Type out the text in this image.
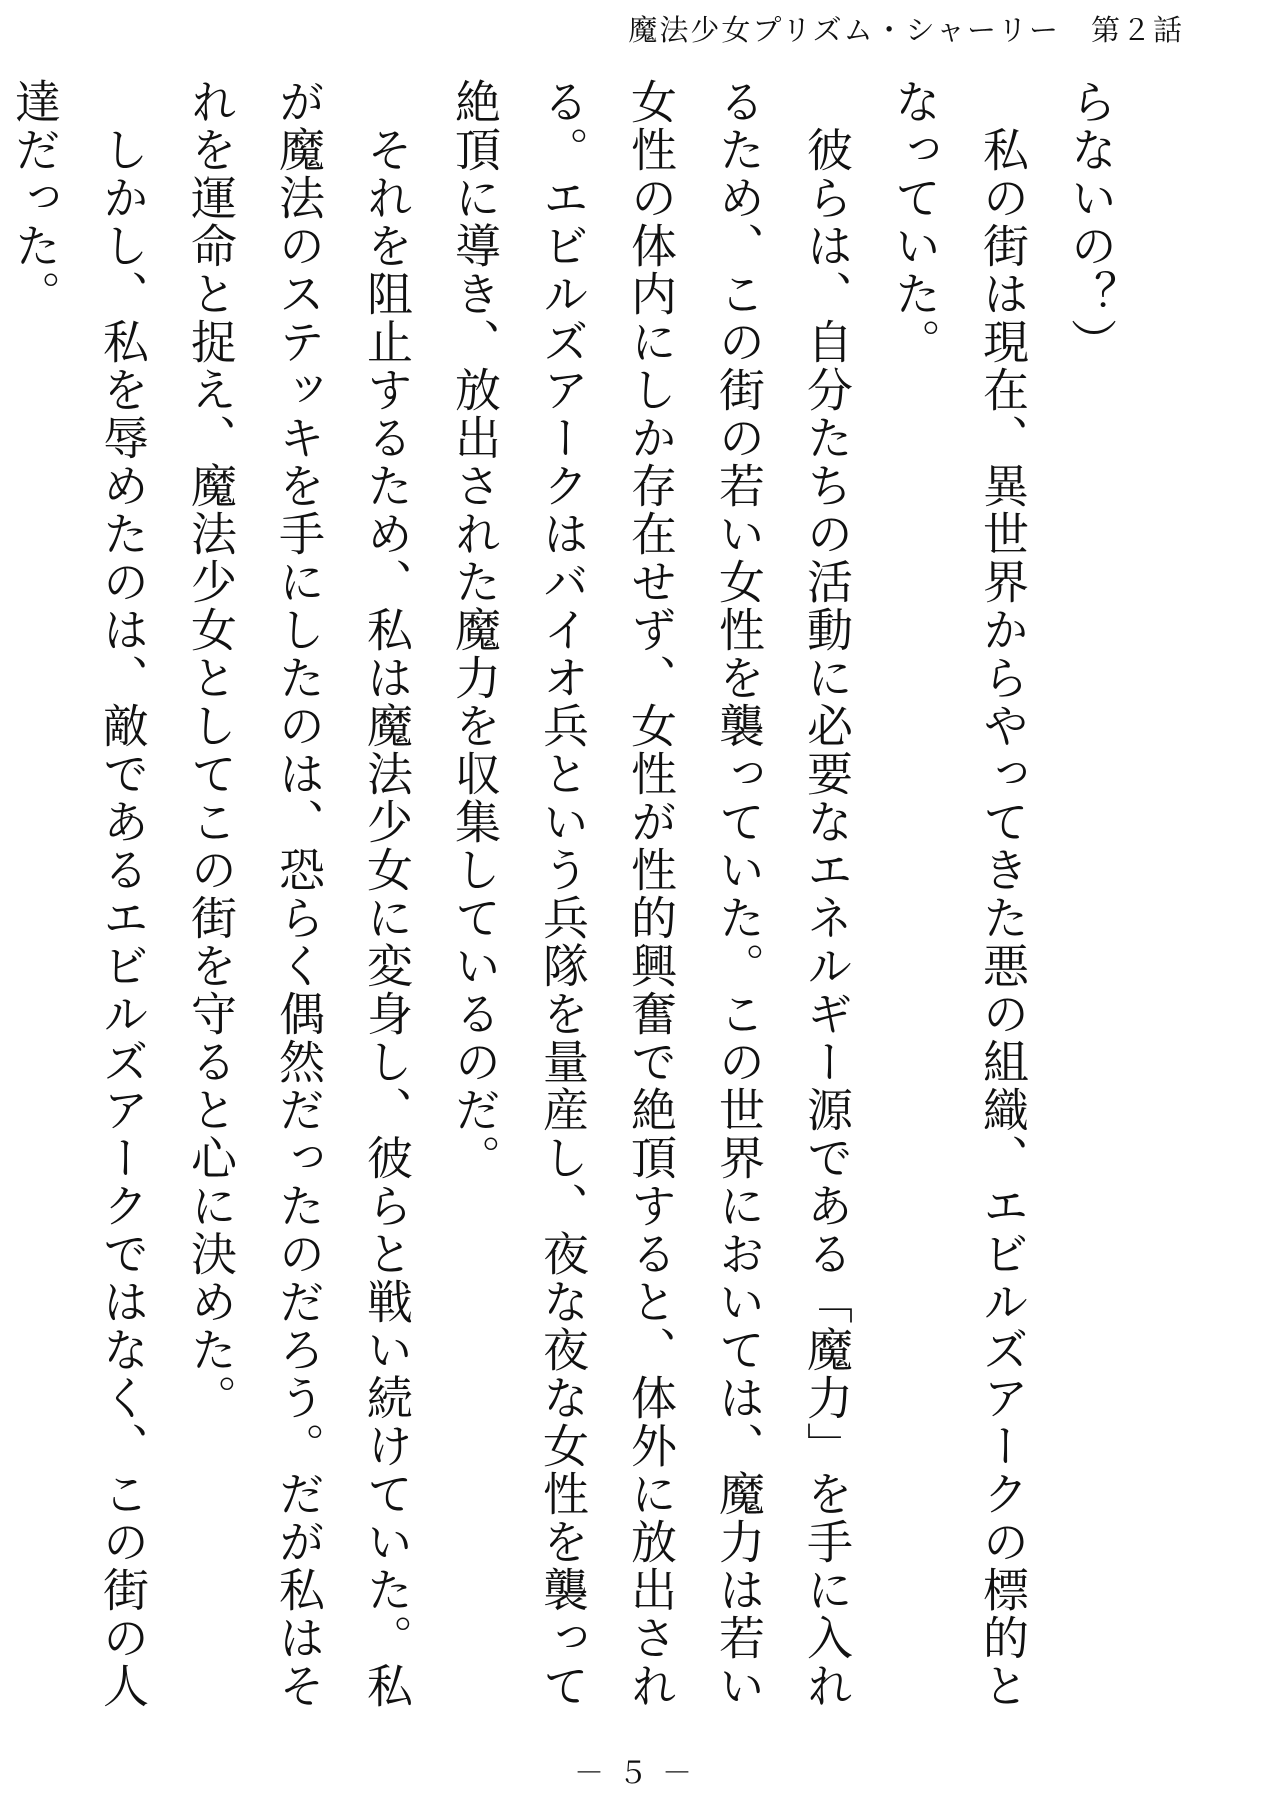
魔法少女プリズム・シャーリー　第２話

らないの？）

　私の街は現在、異世界からやってきた悪の組織、エビルズアークの標的となっていた。

　彼らは、自分たちの活動に必要なエネルギー源である「魔力」を手に入れるため、この街の若い女性を襲っていた。この世界においては、魔力は若い女性の体内にしか存在せず、女性が性的興奮で絶頂すると、体外に放出される。エビルズアークはバイオ兵という兵隊を量産し、夜な夜な女性を襲って絶頂に導き、放出された魔力を収集しているのだ。

　それを阻止するため、私は魔法少女に変身し、彼らと戦い続けていた。私が魔法のステッキを手にしたのは、恐らく偶然だったのだろう。だが私はそれを運命と捉え、魔法少女としてこの街を守ると心に決めた。

　しかし、私を辱めたのは、敵であるエビルズアークではなく、この街の人達だった。

－５－
